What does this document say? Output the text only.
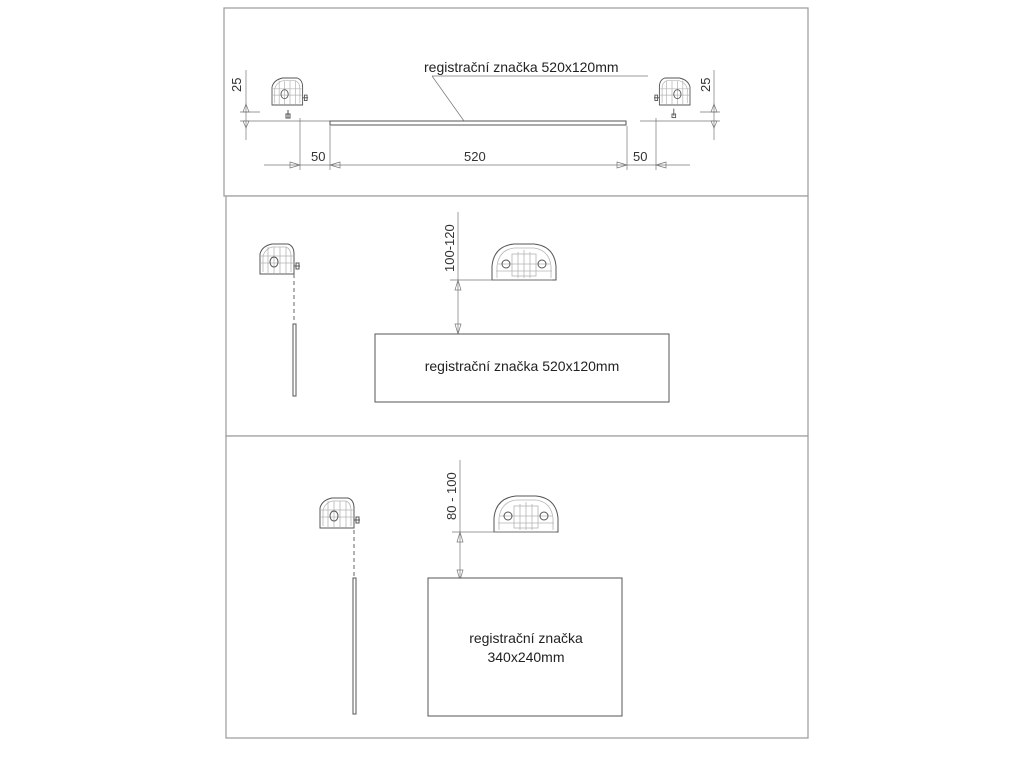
registrační značka 520x120mm
25	25
50	520	50
100-120
registrační značka 520x120mm
80 - 100
registrační značka
340x240mm
